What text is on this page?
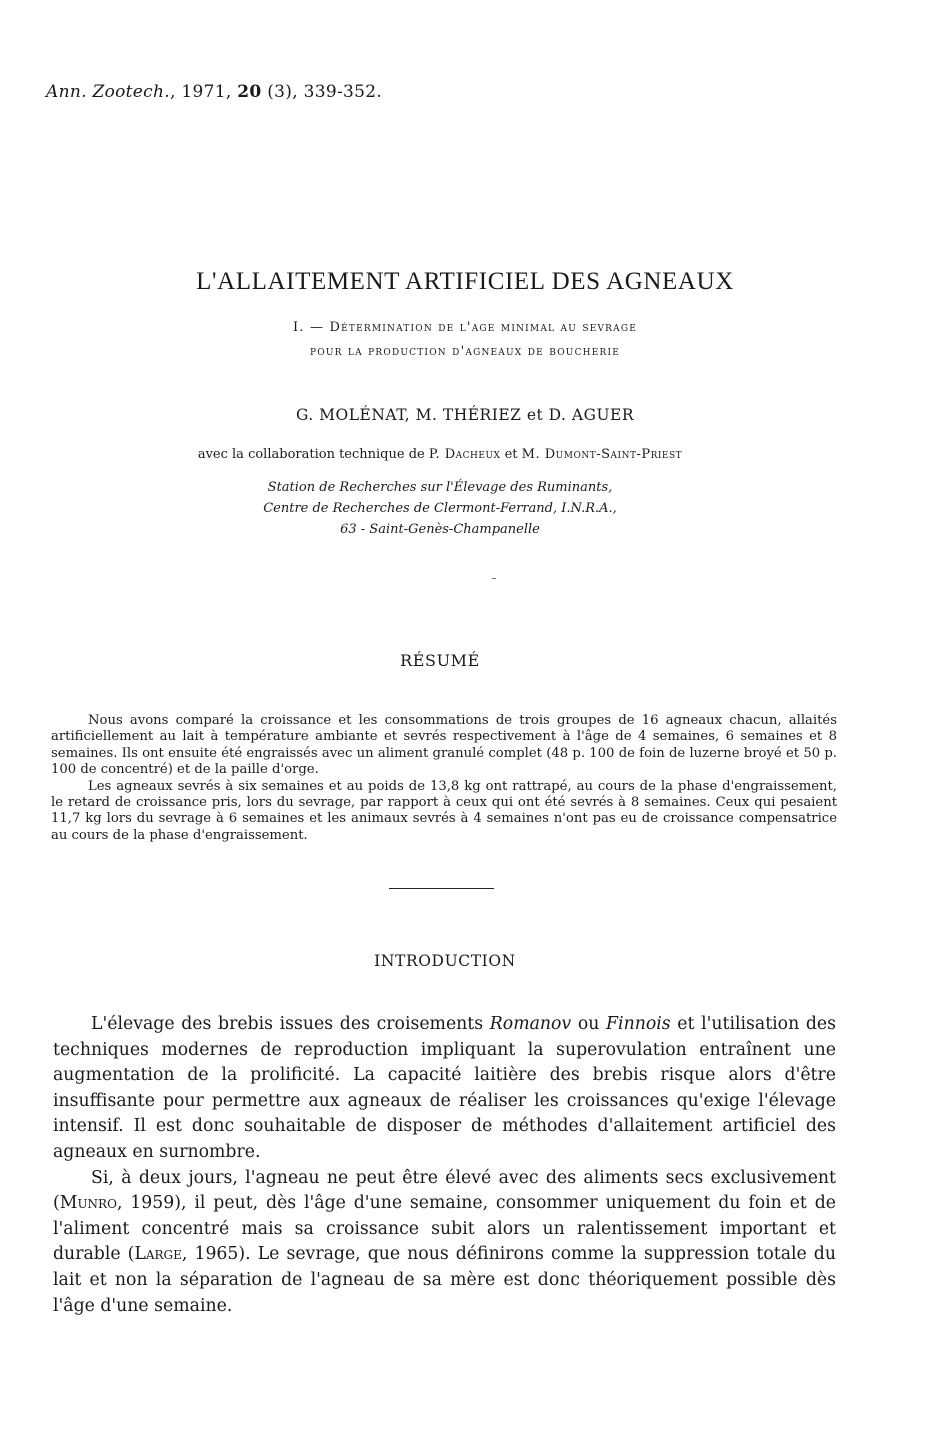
Ann. Zootech., 1971, 20 (3), 339-352.
L'ALLAITEMENT ARTIFICIEL DES AGNEAUX
I. — Détermination de l'age minimal au sevrage
pour la production d'agneaux de boucherie
G. MOLÉNAT, M. THÉRIEZ et D. AGUER
avec la collaboration technique de P. Dacheux et M. Dumont-Saint-Priest
Station de Recherches sur l'Élevage des Ruminants,
Centre de Recherches de Clermont-Ferrand, I.N.R.A.,
63 - Saint-Genès-Champanelle
RÉSUMÉ

Nous avons comparé la croissance et les consommations de trois groupes de 16 agneaux chacun, allaités artificiellement au lait à température ambiante et sevrés respectivement à l'âge de 4 semaines, 6 semaines et 8 semaines. Ils ont ensuite été engraissés avec un aliment granulé complet (48 p. 100 de foin de luzerne broyé et 50 p. 100 de concentré) et de la paille d'orge.

Les agneaux sevrés à six semaines et au poids de 13,8 kg ont rattrapé, au cours de la phase d'engraissement, le retard de croissance pris, lors du sevrage, par rapport à ceux qui ont été sevrés à 8 semaines. Ceux qui pesaient 11,7 kg lors du sevrage à 6 semaines et les animaux sevrés à 4 semaines n'ont pas eu de croissance compensatrice au cours de la phase d'engraissement.

INTRODUCTION

L'élevage des brebis issues des croisements Romanov ou Finnois et l'utilisation des techniques modernes de reproduction impliquant la superovulation entraînent une augmentation de la prolificité. La capacité laitière des brebis risque alors d'être insuffisante pour permettre aux agneaux de réaliser les croissances qu'exige l'élevage intensif. Il est donc souhaitable de disposer de méthodes d'allaitement artificiel des agneaux en surnombre.

Si, à deux jours, l'agneau ne peut être élevé avec des aliments secs exclusivement (Munro, 1959), il peut, dès l'âge d'une semaine, consommer uniquement du foin et de l'aliment concentré mais sa croissance subit alors un ralentissement important et durable (Large, 1965). Le sevrage, que nous définirons comme la suppression totale du lait et non la séparation de l'agneau de sa mère est donc théoriquement possible dès l'âge d'une semaine.
